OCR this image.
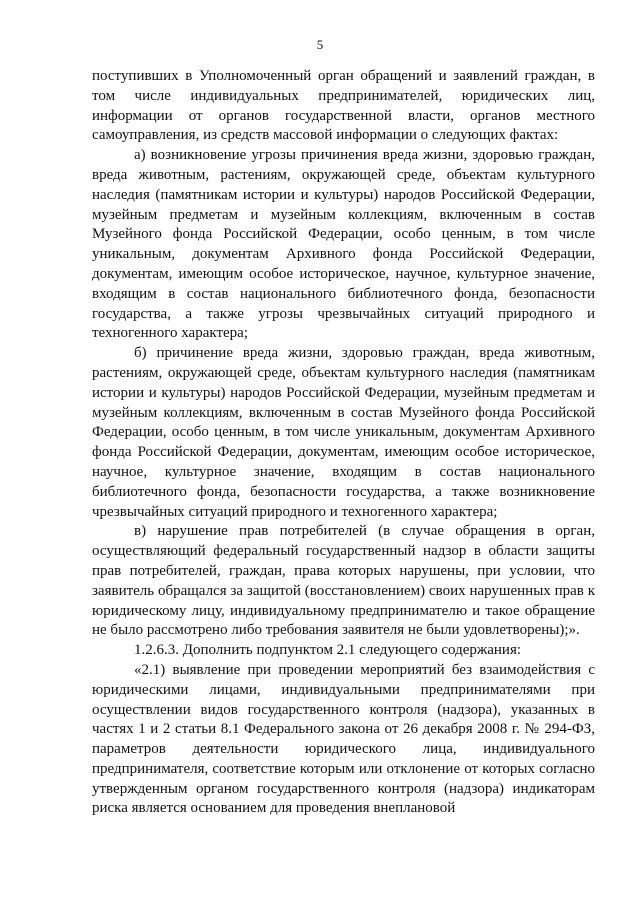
5

поступивших в Уполномоченный орган обращений и заявлений граждан, в том числе индивидуальных предпринимателей, юридических лиц, информации от органов государственной власти, органов местного самоуправления, из средств массовой информации о следующих фактах:

а) возникновение угрозы причинения вреда жизни, здоровью граждан, вреда животным, растениям, окружающей среде, объектам культурного наследия (памятникам истории и культуры) народов Российской Федерации, музейным предметам и музейным коллекциям, включенным в состав Музейного фонда Российской Федерации, особо ценным, в том числе уникальным, документам Архивного фонда Российской Федерации, документам, имеющим особое историческое, научное, культурное значение, входящим в состав национального библиотечного фонда, безопасности государства, а также угрозы чрезвычайных ситуаций природного и техногенного характера;

б) причинение вреда жизни, здоровью граждан, вреда животным, растениям, окружающей среде, объектам культурного наследия (памятникам истории и культуры) народов Российской Федерации, музейным предметам и музейным коллекциям, включенным в состав Музейного фонда Российской Федерации, особо ценным, в том числе уникальным, документам Архивного фонда Российской Федерации, документам, имеющим особое историческое, научное, культурное значение, входящим в состав национального библиотечного фонда, безопасности государства, а также возникновение чрезвычайных ситуаций природного и техногенного характера;

в) нарушение прав потребителей (в случае обращения в орган, осуществляющий федеральный государственный надзор в области защиты прав потребителей, граждан, права которых нарушены, при условии, что заявитель обращался за защитой (восстановлением) своих нарушенных прав к юридическому лицу, индивидуальному предпринимателю и такое обращение не было рассмотрено либо требования заявителя не были удовлетворены);».

1.2.6.3. Дополнить подпунктом 2.1 следующего содержания:

«2.1) выявление при проведении мероприятий без взаимодействия с юридическими лицами, индивидуальными предпринимателями при осуществлении видов государственного контроля (надзора), указанных в частях 1 и 2 статьи 8.1 Федерального закона от 26 декабря 2008 г. № 294-ФЗ, параметров деятельности юридического лица, индивидуального предпринимателя, соответствие которым или отклонение от которых согласно утвержденным органом государственного контроля (надзора) индикаторам риска является основанием для проведения внеплановой
